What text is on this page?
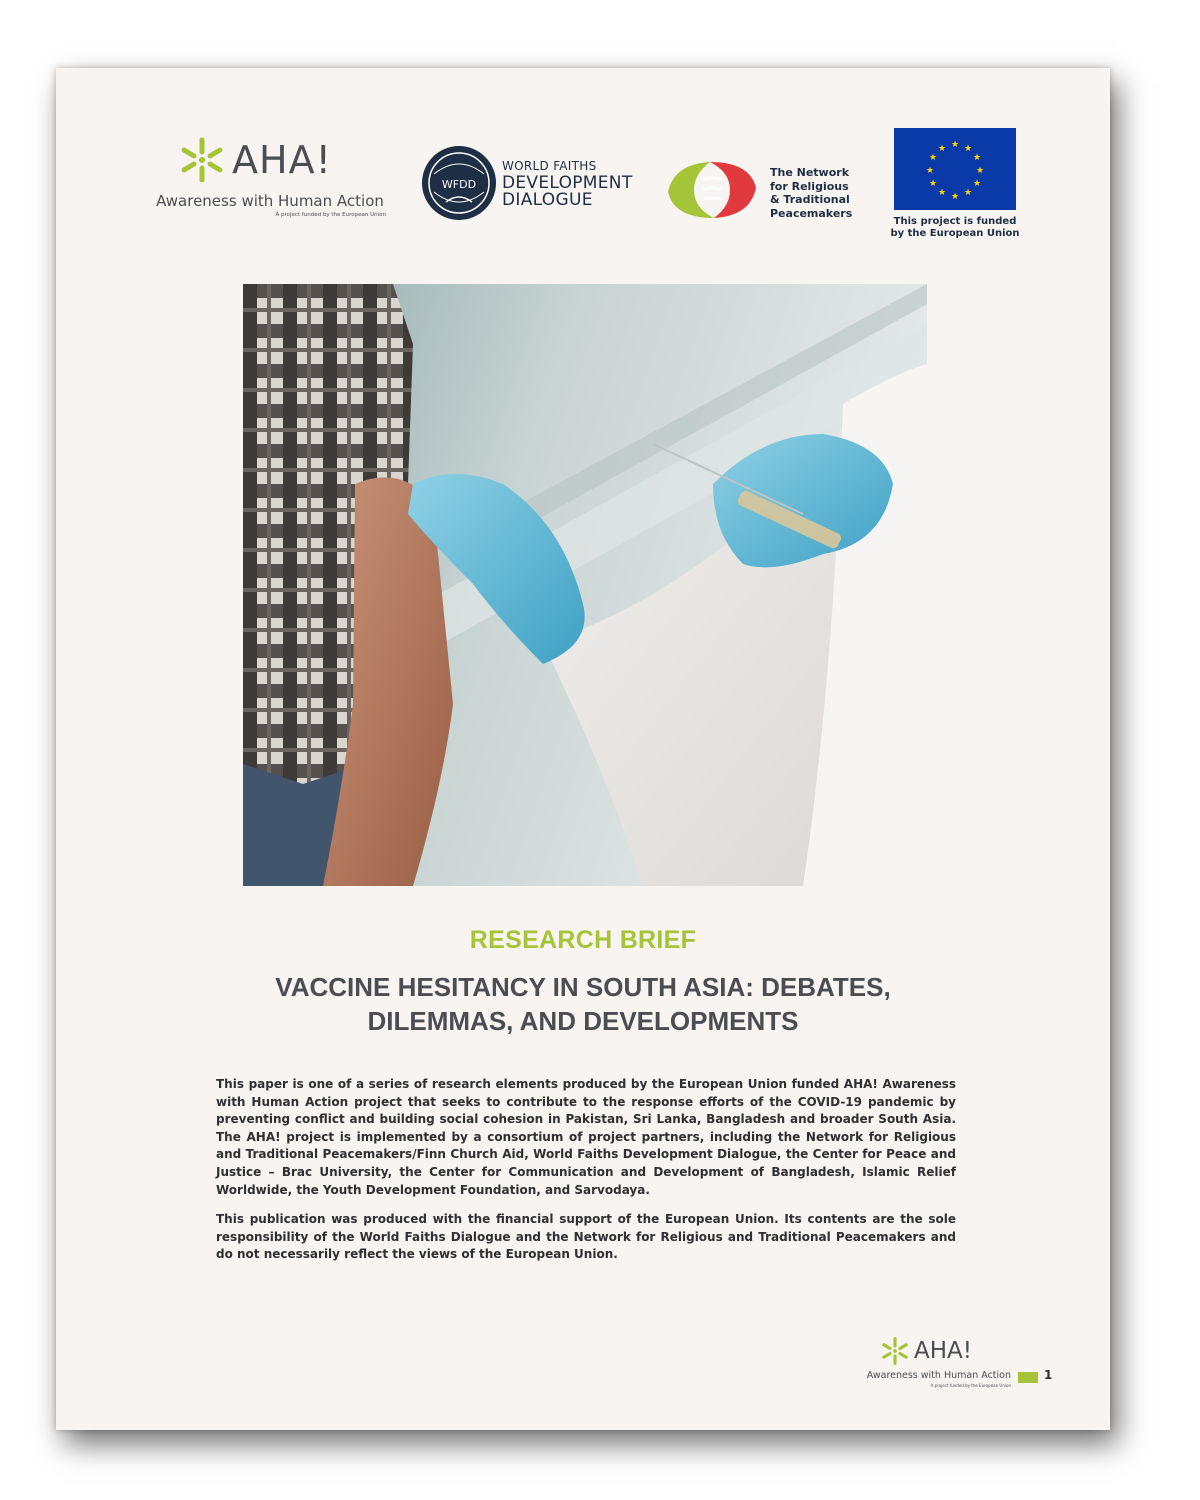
AHA!
Awareness with Human Action
A project funded by the European Union
WFDD
WORLD FAITHS
DEVELOPMENT
DIALOGUE
The Network
for Religious
& Traditional
Peacemakers
★ ★
★
★
★
★
★
★
★
★
★
★
This project is funded
by the European Union
RESEARCH BRIEF
VACCINE HESITANCY IN SOUTH ASIA: DEBATES,
DILEMMAS, AND DEVELOPMENTS

This paper is one of a series of research elements produced by the European Union funded AHA! Awareness with Human Action project that seeks to contribute to the response efforts of the COVID-19 pandemic by preventing conflict and building social cohesion in Pakistan, Sri Lanka, Bangladesh and broader South Asia. The AHA! project is implemented by a consortium of project partners, including the Network for Religious and Traditional Peacemakers/Finn Church Aid, World Faiths Development Dialogue, the Center for Peace and Justice – Brac University, the Center for Communication and Development of Bangladesh, Islamic Relief Worldwide, the Youth Development Foundation, and Sarvodaya.

This publication was produced with the financial support of the European Union. Its contents are the sole responsibility of the World Faiths Dialogue and the Network for Religious and Traditional Peacemakers and do not necessarily reflect the views of the European Union.

AHA!
Awareness with Human Action
A project funded by the European Union
1
